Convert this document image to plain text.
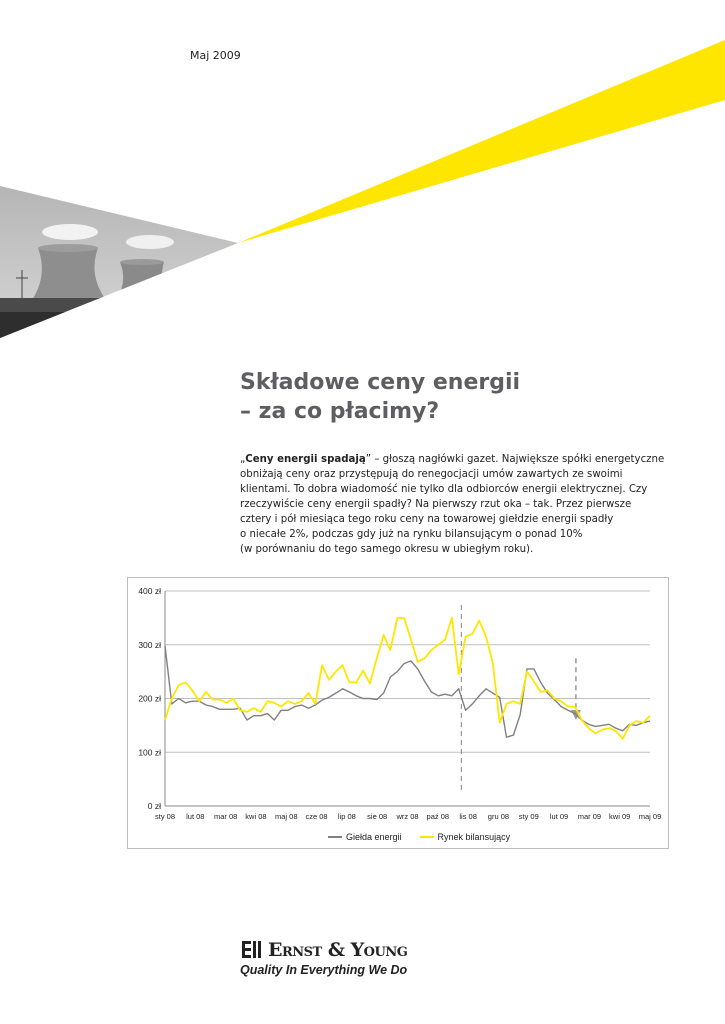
Maj 2009
Składowe ceny energii
– za co płacimy?
„Ceny energii spadają” – głoszą nagłówki gazet. Największe spółki energetyczne
obniżają ceny oraz przystępują do renegocjacji umów zawartych ze swoimi
klientami. To dobra wiadomość nie tylko dla odbiorców energii elektrycznej. Czy
rzeczywiście ceny energii spadły? Na pierwszy rzut oka – tak. Przez pierwsze
cztery i pół miesiąca tego roku ceny na towarowej giełdzie energii spadły
o niecałe 2%, podczas gdy już na rynku bilansującym o ponad 10%
(w porównaniu do tego samego okresu w ubiegłym roku).
0 zł
100 zł
200 zł
300 zł
400 zł
sty 08 lut 08 mar 08 kwi 08 maj 08 cze 08 lip 08 sie 08 wrz 08 paź 08 lis 08 gru 08 sty 09 lut 09 mar 09 kwi 09 maj 09
Giełda energii	Rynek bilansujący
Ernst & Young
Quality In Everything We Do
